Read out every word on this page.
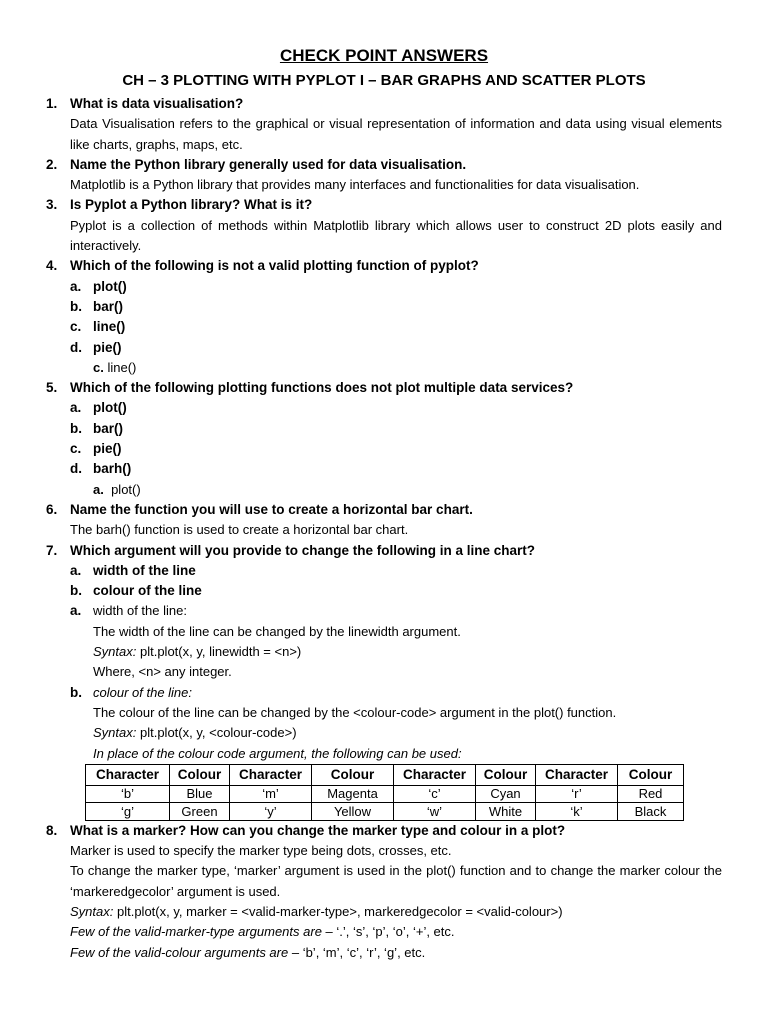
CHECK POINT ANSWERS
CH – 3 PLOTTING WITH PYPLOT I – BAR GRAPHS AND SCATTER PLOTS
1. What is data visualisation?
Data Visualisation refers to the graphical or visual representation of information and data using visual elements like charts, graphs, maps, etc.
2. Name the Python library generally used for data visualisation.
Matplotlib is a Python library that provides many interfaces and functionalities for data visualisation.
3. Is Pyplot a Python library? What is it?
Pyplot is a collection of methods within Matplotlib library which allows user to construct 2D plots easily and interactively.
4. Which of the following is not a valid plotting function of pyplot?
a. plot()
b. bar()
c. line()
d. pie()
c. line()
5. Which of the following plotting functions does not plot multiple data services?
a. plot()
b. bar()
c. pie()
d. barh()
a. plot()
6. Name the function you will use to create a horizontal bar chart.
The barh() function is used to create a horizontal bar chart.
7. Which argument will you provide to change the following in a line chart?
a. width of the line
b. colour of the line
a. width of the line:
The width of the line can be changed by the linewidth argument.
Syntax: plt.plot(x, y, linewidth = <n>)
Where, <n> any integer.
b. colour of the line:
The colour of the line can be changed by the <colour-code> argument in the plot() function.
Syntax: plt.plot(x, y, <colour-code>)
In place of the colour code argument, the following can be used:
Character	Colour	Character	Colour	Character	Colour	Character	Colour
‘b’	Blue	‘m’	Magenta	‘c’	Cyan	‘r’	Red
‘g’	Green	‘y’	Yellow	‘w’	White	‘k’	Black
8. What is a marker? How can you change the marker type and colour in a plot?
Marker is used to specify the marker type being dots, crosses, etc.
To change the marker type, ‘marker’ argument is used in the plot() function and to change the marker colour the ‘markeredgecolor’ argument is used.
Syntax: plt.plot(x, y, marker = <valid-marker-type>, markeredgecolor = <valid-colour>)
Few of the valid-marker-type arguments are – ‘.’, ‘s’, ‘p’, ‘o’, ‘+’, etc.
Few of the valid-colour arguments are – ‘b’, ‘m’, ‘c’, ‘r’, ‘g’, etc.
